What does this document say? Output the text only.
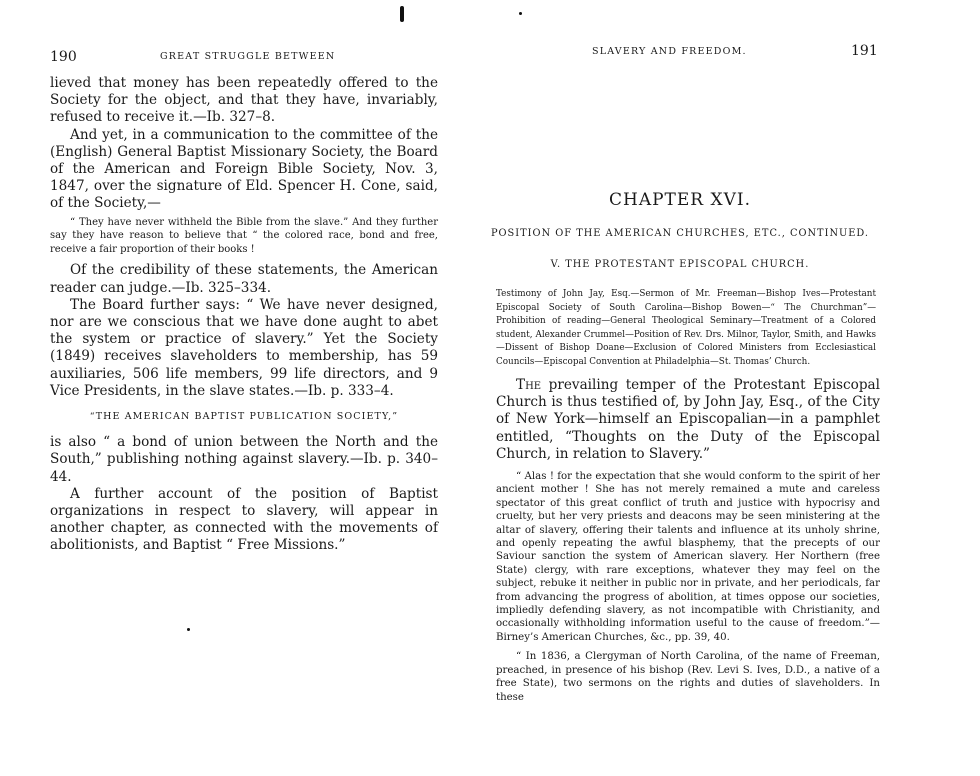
190	GREAT STRUGGLE BETWEEN

lieved that money has been repeatedly offered to the Society for the object, and that they have, invariably, refused to receive it.—Ib. 327–8.

And yet, in a communication to the committee of the (English) General Baptist Missionary Society, the Board of the American and Foreign Bible Society, Nov. 3, 1847, over the signature of Eld. Spencer H. Cone, said, of the Society,—

“ They have never withheld the Bible from the slave.” And they further say they have reason to believe that “ the colored race, bond and free, receive a fair proportion of their books !

Of the credibility of these statements, the American reader can judge.—Ib. 325–334.

The Board further says: “ We have never designed, nor are we conscious that we have done aught to abet the system or practice of slavery.” Yet the Society (1849) receives slaveholders to membership, has 59 auxiliaries, 506 life members, 99 life directors, and 9 Vice Presidents, in the slave states.—Ib. p. 333–4.

“THE AMERICAN BAPTIST PUBLICATION SOCIETY,”

is also “ a bond of union between the North and the South,” publishing nothing against slavery.—Ib. p. 340–44.

A further account of the position of Baptist organizations in respect to slavery, will appear in another chapter, as connected with the movements of abolitionists, and Baptist “ Free Missions.”

SLAVERY AND FREEDOM.	191
CHAPTER XVI.
POSITION OF THE AMERICAN CHURCHES, ETC., CONTINUED.
V. THE PROTESTANT EPISCOPAL CHURCH.
Testimony of John Jay, Esq.—Sermon of Mr. Freeman—Bishop Ives—Protestant Episcopal Society of South Carolina—Bishop Bowen—“ The Churchman”—Prohibition of reading—General Theological Seminary—Treatment of a Colored student, Alexander Crummel—Position of Rev. Drs. Milnor, Taylor, Smith, and Hawks—Dissent of Bishop Doane—Exclusion of Colored Ministers from Ecclesiastical Councils—Episcopal Convention at Philadelphia—St. Thomas’ Church.

The prevailing temper of the Protestant Episcopal Church is thus testified of, by John Jay, Esq., of the City of New York—himself an Episcopalian—in a pamphlet entitled, “Thoughts on the Duty of the Episcopal Church, in relation to Slavery.”

“ Alas ! for the expectation that she would conform to the spirit of her ancient mother ! She has not merely remained a mute and careless spectator of this great conflict of truth and justice with hypocrisy and cruelty, but her very priests and deacons may be seen ministering at the altar of slavery, offering their talents and influence at its unholy shrine, and openly repeating the awful blasphemy, that the precepts of our Saviour sanction the system of American slavery. Her Northern (free State) clergy, with rare exceptions, whatever they may feel on the subject, rebuke it neither in public nor in private, and her periodicals, far from advancing the progress of abolition, at times oppose our societies, impliedly defending slavery, as not incompatible with Christianity, and occasionally withholding information useful to the cause of freedom.”—Birney’s American Churches, &c., pp. 39, 40.

“ In 1836, a Clergyman of North Carolina, of the name of Freeman, preached, in presence of his bishop (Rev. Levi S. Ives, D.D., a native of a free State), two sermons on the rights and duties of slaveholders. In these
